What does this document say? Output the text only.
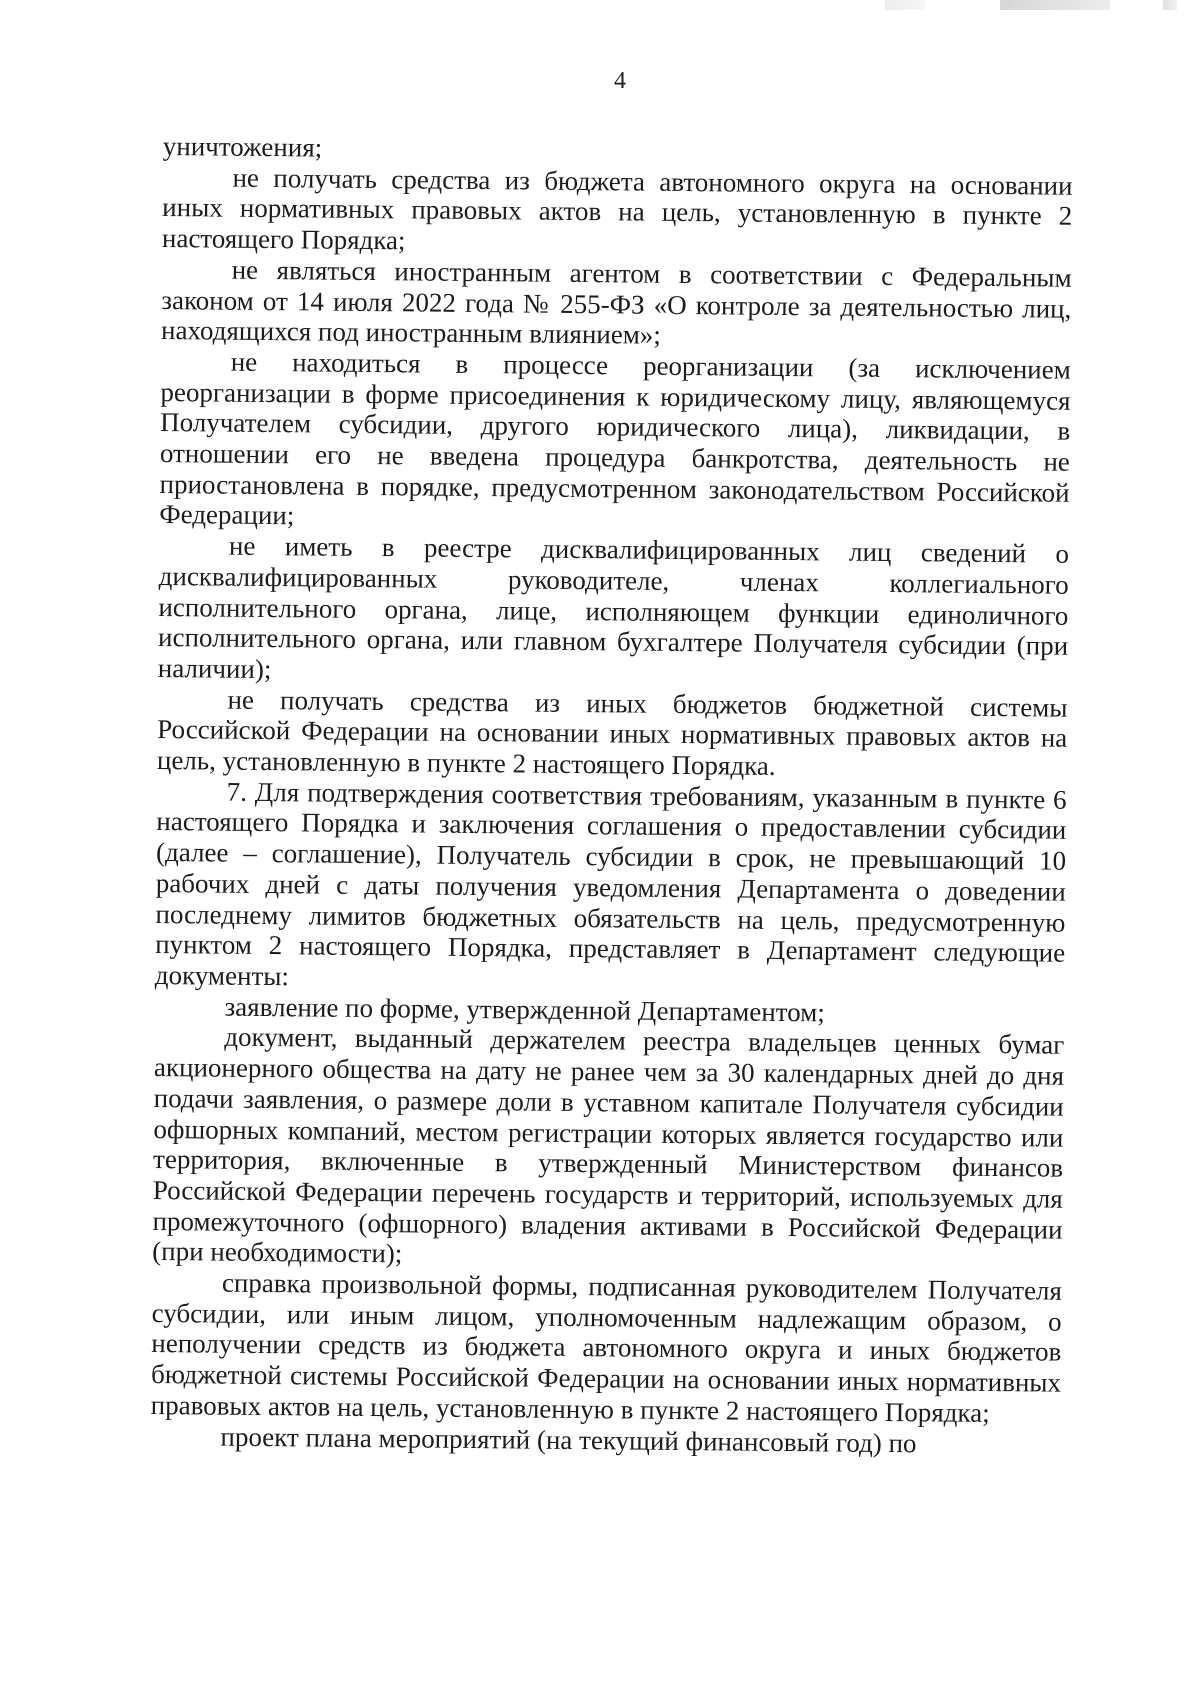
4

уничтожения;

не получать средства из бюджета автономного округа на основании иных нормативных правовых актов на цель, установленную в пункте 2 настоящего Порядка;

не являться иностранным агентом в соответствии с Федеральным законом от 14 июля 2022 года № 255-ФЗ «О контроле за деятельностью лиц, находящихся под иностранным влиянием»;

не находиться в процессе реорганизации (за исключением реорганизации в форме присоединения к юридическому лицу, являющемуся Получателем субсидии, другого юридического лица), ликвидации, в отношении его не введена процедура банкротства, деятельность не приостановлена в порядке, предусмотренном законодательством Российской Федерации;

не иметь в реестре дисквалифицированных лиц сведений о дисквалифицированных руководителе, членах коллегиального исполнительного органа, лице, исполняющем функции единоличного исполнительного органа, или главном бухгалтере Получателя субсидии (при наличии);

не получать средства из иных бюджетов бюджетной системы Российской Федерации на основании иных нормативных правовых актов на цель, установленную в пункте 2 настоящего Порядка.

7. Для подтверждения соответствия требованиям, указанным в пункте 6 настоящего Порядка и заключения соглашения о предоставлении субсидии (далее – соглашение), Получатель субсидии в срок, не превышающий 10 рабочих дней с даты получения уведомления Департамента о доведении последнему лимитов бюджетных обязательств на цель, предусмотренную пунктом 2 настоящего Порядка, представляет в Департамент следующие документы:

заявление по форме, утвержденной Департаментом;

документ, выданный держателем реестра владельцев ценных бумаг акционерного общества на дату не ранее чем за 30 календарных дней до дня подачи заявления, о размере доли в уставном капитале Получателя субсидии офшорных компаний, местом регистрации которых является государство или территория, включенные в утвержденный Министерством финансов Российской Федерации перечень государств и территорий, используемых для промежуточного (офшорного) владения активами в Российской Федерации (при необходимости);

справка произвольной формы, подписанная руководителем Получателя субсидии, или иным лицом, уполномоченным надлежащим образом, о неполучении средств из бюджета автономного округа и иных бюджетов бюджетной системы Российской Федерации на основании иных нормативных правовых актов на цель, установленную в пункте 2 настоящего Порядка;

проект плана мероприятий (на текущий финансовый год) по
